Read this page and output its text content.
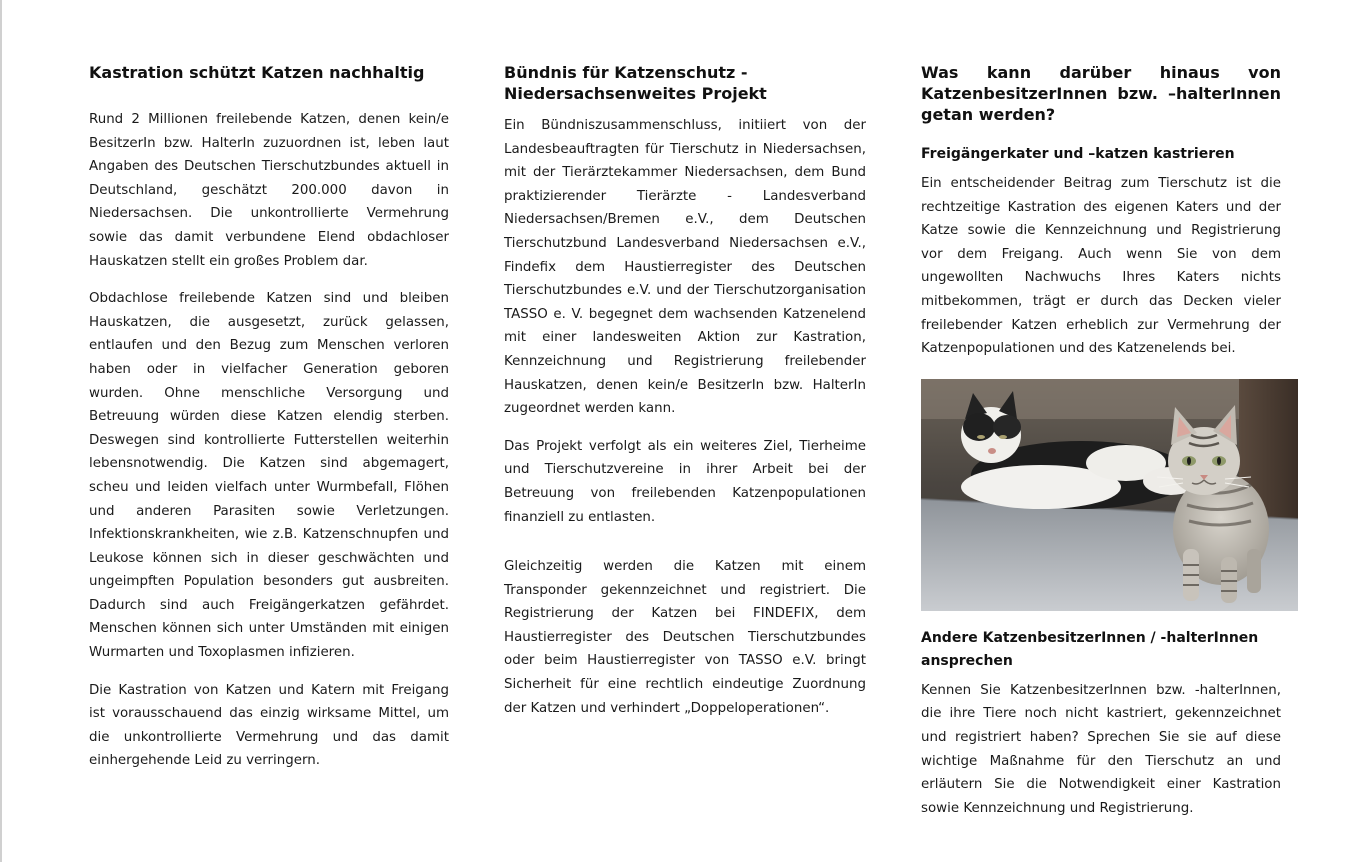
Kastration schützt Katzen nachhaltig

Rund 2 Millionen freilebende Katzen, denen kein/e BesitzerIn bzw. HalterIn zuzuordnen ist, leben laut Angaben des Deutschen Tierschutzbundes aktuell in Deutschland, geschätzt 200.000 davon in Niedersachsen. Die unkontrollierte Vermehrung sowie das damit verbundene Elend obdachloser Hauskatzen stellt ein großes Problem dar.

Obdachlose freilebende Katzen sind und bleiben Hauskatzen, die ausgesetzt, zurück gelassen, entlaufen und den Bezug zum Menschen verloren haben oder in vielfacher Generation geboren wurden. Ohne menschliche Versorgung und Betreuung würden diese Katzen elendig sterben. Deswegen sind kontrollierte Futterstellen weiterhin lebensnotwendig. Die Katzen sind abgemagert, scheu und leiden vielfach unter Wurmbefall, Flöhen und anderen Parasiten sowie Verletzungen. Infektionskrankheiten, wie z.B. Katzenschnupfen und Leukose können sich in dieser geschwächten und ungeimpften Population besonders gut ausbreiten. Dadurch sind auch Freigängerkatzen gefährdet. Menschen können sich unter Umständen mit einigen Wurmarten und Toxoplasmen infizieren.

Die Kastration von Katzen und Katern mit Freigang ist vorausschauend das einzig wirksame Mittel, um die unkontrollierte Vermehrung und das damit einhergehende Leid zu verringern.

Bündnis für Katzenschutz -
Niedersachsenweites Projekt

Ein Bündniszusammenschluss, initiiert von der Landesbeauftragten für Tierschutz in Niedersachsen, mit der Tierärztekammer Niedersachsen, dem Bund praktizierender Tierärzte - Landesverband Niedersachsen/Bremen e.V., dem Deutschen Tierschutzbund Landesverband Niedersachsen e.V., Findefix dem Haustierregister des Deutschen Tierschutzbundes e.V. und der Tierschutzorganisation TASSO e. V. begegnet dem wachsenden Katzenelend mit einer landesweiten Aktion zur Kastration, Kennzeichnung und Registrierung freilebender Hauskatzen, denen kein/e BesitzerIn bzw. HalterIn zugeordnet werden kann.

Das Projekt verfolgt als ein weiteres Ziel, Tierheime und Tierschutzvereine in ihrer Arbeit bei der Betreuung von freilebenden Katzenpopulationen finanziell zu entlasten.

Gleichzeitig werden die Katzen mit einem Transponder gekennzeichnet und registriert. Die Registrierung der Katzen bei FINDEFIX, dem Haustierregister des Deutschen Tierschutzbundes oder beim Haustierregister von TASSO e.V. bringt Sicherheit für eine rechtlich eindeutige Zuordnung der Katzen und verhindert „Doppeloperationen“.

Was kann darüber hinaus von KatzenbesitzerInnen bzw. –halterInnen getan werden?
Freigängerkater und –katzen kastrieren

Ein entscheidender Beitrag zum Tierschutz ist die rechtzeitige Kastration des eigenen Katers und der Katze sowie die Kennzeichnung und Registrierung vor dem Freigang. Auch wenn Sie von dem ungewollten Nachwuchs Ihres Katers nichts mitbekommen, trägt er durch das Decken vieler freilebender Katzen erheblich zur Vermehrung der Katzenpopulationen und des Katzenelends bei.

Andere KatzenbesitzerInnen / -halterInnen ansprechen

Kennen Sie KatzenbesitzerInnen bzw. -halterInnen, die ihre Tiere noch nicht kastriert, gekennzeichnet und registriert haben? Sprechen Sie sie auf diese wichtige Maßnahme für den Tierschutz an und erläutern Sie die Notwendigkeit einer Kastration sowie Kennzeichnung und Registrierung.
